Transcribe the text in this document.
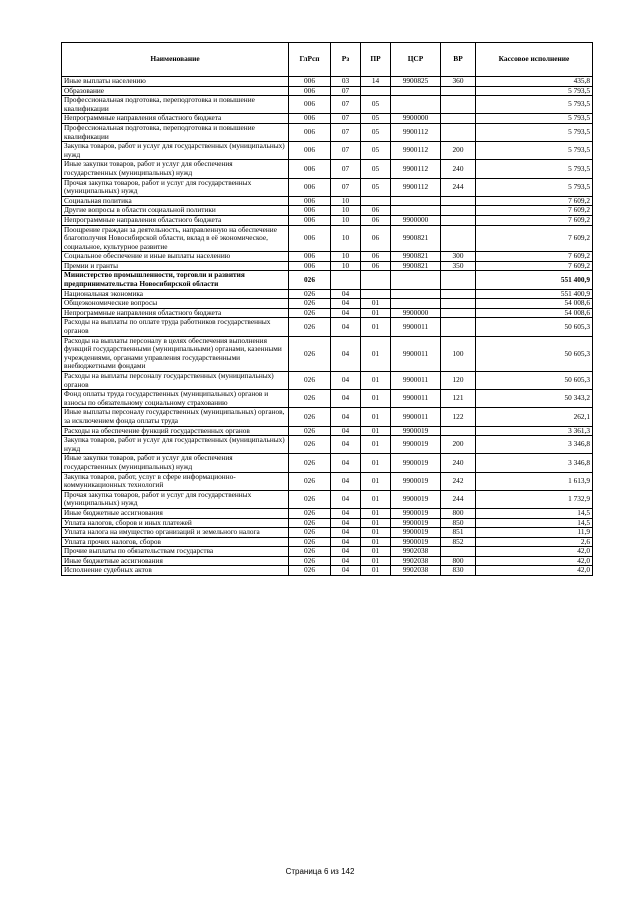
Наименование	ГлРсп	Рз	ПР	ЦСР	ВР	Кассовое исполнение
Иные выплаты населению	006	03	14	9900825	360	435,8
Образование	006	07				5 793,5
Профессиональная подготовка, переподготовка и повышение квалификации	006	07	05			5 793,5
Непрограммные направления областного бюджета	006	07	05	9900000		5 793,5
Профессиональная подготовка, переподготовка и повышение квалификации	006	07	05	9900112		5 793,5
Закупка товаров, работ и услуг для государственных (муниципальных) нужд	006	07	05	9900112	200	5 793,5
Иные закупки товаров, работ и услуг для обеспечения государственных (муниципальных) нужд	006	07	05	9900112	240	5 793,5
Прочая закупка товаров, работ и услуг для государственных (муниципальных) нужд	006	07	05	9900112	244	5 793,5
Социальная политика	006	10				7 609,2
Другие вопросы в области социальной политики	006	10	06			7 609,2
Непрограммные направления областного бюджета	006	10	06	9900000		7 609,2
Поощрение граждан за деятельность, направленную на обеспечение благополучия Новосибирской области, вклад в её экономическое, социальное, культурное развитие	006	10	06	9900821		7 609,2
Социальное обеспечение и иные выплаты населению	006	10	06	9900821	300	7 609,2
Премии и гранты	006	10	06	9900821	350	7 609,2
Министерство промышленности, торговли и развития предпринимательства Новосибирской области	026					551 400,9
Национальная экономика	026	04				551 400,9
Общеэкономические вопросы	026	04	01			54 008,6
Непрограммные направления областного бюджета	026	04	01	9900000		54 008,6
Расходы на выплаты по оплате труда работников государственных органов	026	04	01	9900011		50 605,3
Расходы на выплаты персоналу в целях обеспечения выполнения функций государственными (муниципальными) органами, казенными учреждениями, органами управления государственными внебюджетными фондами	026	04	01	9900011	100	50 605,3
Расходы на выплаты персоналу государственных (муниципальных) органов	026	04	01	9900011	120	50 605,3
Фонд оплаты труда государственных (муниципальных) органов и взносы по обязательному социальному страхованию	026	04	01	9900011	121	50 343,2
Иные выплаты персоналу государственных (муниципальных) органов, за исключением фонда оплаты труда	026	04	01	9900011	122	262,1
Расходы на обеспечение функций государственных органов	026	04	01	9900019		3 361,3
Закупка товаров, работ и услуг для государственных (муниципальных) нужд	026	04	01	9900019	200	3 346,8
Иные закупки товаров, работ и услуг для обеспечения государственных (муниципальных) нужд	026	04	01	9900019	240	3 346,8
Закупка товаров, работ, услуг в сфере информационно-коммуникационных технологий	026	04	01	9900019	242	1 613,9
Прочая закупка товаров, работ и услуг для государственных (муниципальных) нужд	026	04	01	9900019	244	1 732,9
Иные бюджетные ассигнования	026	04	01	9900019	800	14,5
Уплата налогов, сборов и иных платежей	026	04	01	9900019	850	14,5
Уплата налога на имущество организаций и земельного налога	026	04	01	9900019	851	11,9
Уплата прочих налогов, сборов	026	04	01	9900019	852	2,6
Прочие выплаты по обязательствам государства	026	04	01	9902038		42,0
Иные бюджетные ассигнования	026	04	01	9902038	800	42,0
Исполнение судебных актов	026	04	01	9902038	830	42,0
Страница 6 из 142
